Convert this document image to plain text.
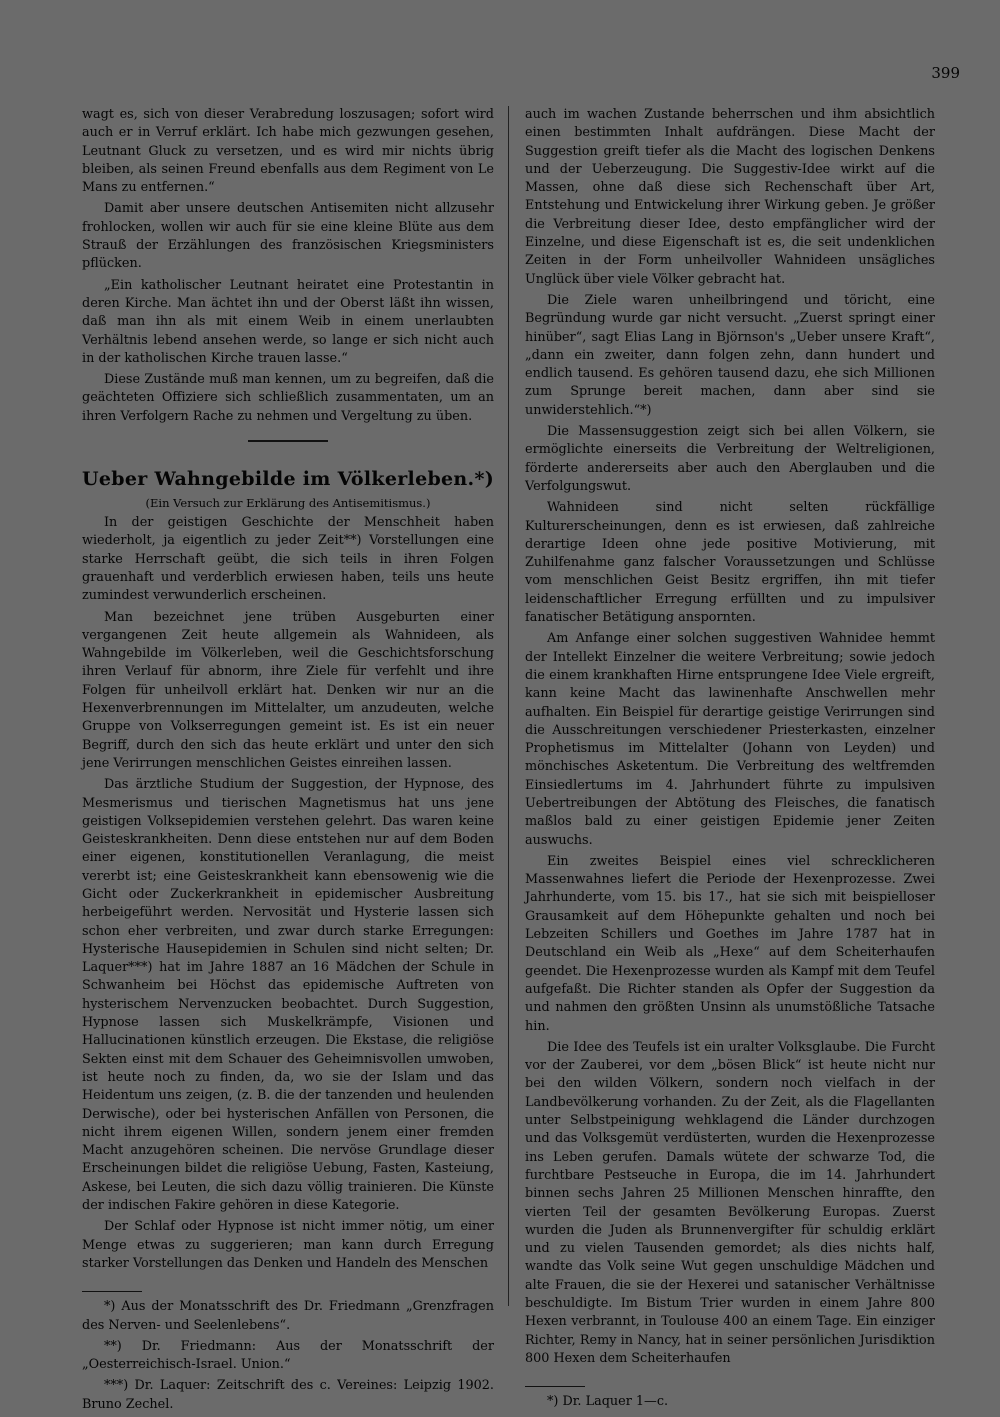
399

wagt es, sich von dieser Verabredung loszusagen; sofort wird auch er in Verruf erklärt. Ich habe mich gezwungen gesehen, Leutnant Gluck zu versetzen, und es wird mir nichts übrig bleiben, als seinen Freund ebenfalls aus dem Regiment von Le Mans zu entfernen.“

Damit aber unsere deutschen Antisemiten nicht allzusehr frohlocken, wollen wir auch für sie eine kleine Blüte aus dem Strauß der Erzählungen des französischen Kriegsministers pflücken.

„Ein katholischer Leutnant heiratet eine Protestantin in deren Kirche. Man ächtet ihn und der Oberst läßt ihn wissen, daß man ihn als mit einem Weib in einem unerlaubten Verhältnis lebend ansehen werde, so lange er sich nicht auch in der katholischen Kirche trauen lasse.“

Diese Zustände muß man kennen, um zu begreifen, daß die geächteten Offiziere sich schließlich zusammentaten, um an ihren Verfolgern Rache zu nehmen und Vergeltung zu üben.

Ueber Wahngebilde im Völkerleben.*)
(Ein Versuch zur Erklärung des Antisemitismus.)

In der geistigen Geschichte der Menschheit haben wiederholt, ja eigentlich zu jeder Zeit**) Vorstellungen eine starke Herrschaft geübt, die sich teils in ihren Folgen grauenhaft und verderblich erwiesen haben, teils uns heute zumindest verwunderlich erscheinen.

Man bezeichnet jene trüben Ausgeburten einer vergangenen Zeit heute allgemein als Wahnideen, als Wahngebilde im Völkerleben, weil die Geschichtsforschung ihren Verlauf für abnorm, ihre Ziele für verfehlt und ihre Folgen für unheilvoll erklärt hat. Denken wir nur an die Hexenverbrennungen im Mittelalter, um anzudeuten, welche Gruppe von Volkserregungen gemeint ist. Es ist ein neuer Begriff, durch den sich das heute erklärt und unter den sich jene Verirrungen menschlichen Geistes einreihen lassen.

Das ärztliche Studium der Suggestion, der Hypnose, des Mesmerismus und tierischen Magnetismus hat uns jene geistigen Volksepidemien verstehen gelehrt. Das waren keine Geisteskrankheiten. Denn diese entstehen nur auf dem Boden einer eigenen, konstitutionellen Veranlagung, die meist vererbt ist; eine Geisteskrankheit kann ebensowenig wie die Gicht oder Zuckerkrankheit in epidemischer Ausbreitung herbeigeführt werden. Nervosität und Hysterie lassen sich schon eher verbreiten, und zwar durch starke Erregungen: Hysterische Hausepidemien in Schulen sind nicht selten; Dr. Laquer***) hat im Jahre 1887 an 16 Mädchen der Schule in Schwanheim bei Höchst das epidemische Auftreten von hysterischem Nervenzucken beobachtet. Durch Suggestion, Hypnose lassen sich Muskelkrämpfe, Visionen und Hallucinationen künstlich erzeugen. Die Ekstase, die religiöse Sekten einst mit dem Schauer des Geheimnisvollen umwoben, ist heute noch zu finden, da, wo sie der Islam und das Heidentum uns zeigen, (z. B. die der tanzenden und heulenden Derwische), oder bei hysterischen Anfällen von Personen, die nicht ihrem eigenen Willen, sondern jenem einer fremden Macht anzugehören scheinen. Die nervöse Grundlage dieser Erscheinungen bildet die religiöse Uebung, Fasten, Kasteiung, Askese, bei Leuten, die sich dazu völlig trainieren. Die Künste der indischen Fakire gehören in diese Kategorie.

Der Schlaf oder Hypnose ist nicht immer nötig, um einer Menge etwas zu suggerieren; man kann durch Erregung starker Vorstellungen das Denken und Handeln des Menschen

*) Aus der Monatsschrift des Dr. Friedmann „Grenzfragen des Nerven- und Seelenlebens“.

**) Dr. Friedmann: Aus der Monatsschrift der „Oesterreichisch-Israel. Union.“

***) Dr. Laquer: Zeitschrift des c. Vereines: Leipzig 1902. Bruno Zechel.

auch im wachen Zustande beherrschen und ihm absichtlich einen bestimmten Inhalt aufdrängen. Diese Macht der Suggestion greift tiefer als die Macht des logischen Denkens und der Ueberzeugung. Die Suggestiv-Idee wirkt auf die Massen, ohne daß diese sich Rechenschaft über Art, Entstehung und Entwickelung ihrer Wirkung geben. Je größer die Verbreitung dieser Idee, desto empfänglicher wird der Einzelne, und diese Eigenschaft ist es, die seit undenklichen Zeiten in der Form unheilvoller Wahnideen unsägliches Unglück über viele Völker gebracht hat.

Die Ziele waren unheilbringend und töricht, eine Begründung wurde gar nicht versucht. „Zuerst springt einer hinüber“, sagt Elias Lang in Björnson's „Ueber unsere Kraft“, „dann ein zweiter, dann folgen zehn, dann hundert und endlich tausend. Es gehören tausend dazu, ehe sich Millionen zum Sprunge bereit machen, dann aber sind sie unwiderstehlich.“*)

Die Massensuggestion zeigt sich bei allen Völkern, sie ermöglichte einerseits die Verbreitung der Weltreligionen, förderte andererseits aber auch den Aberglauben und die Verfolgungswut.

Wahnideen sind nicht selten rückfällige Kulturerscheinungen, denn es ist erwiesen, daß zahlreiche derartige Ideen ohne jede positive Motivierung, mit Zuhilfenahme ganz falscher Voraussetzungen und Schlüsse vom menschlichen Geist Besitz ergriffen, ihn mit tiefer leidenschaftlicher Erregung erfüllten und zu impulsiver fanatischer Betätigung anspornten.

Am Anfange einer solchen suggestiven Wahnidee hemmt der Intellekt Einzelner die weitere Verbreitung; sowie jedoch die einem krankhaften Hirne entsprungene Idee Viele ergreift, kann keine Macht das lawinenhafte Anschwellen mehr aufhalten. Ein Beispiel für derartige geistige Verirrungen sind die Ausschreitungen verschiedener Priesterkasten, einzelner Prophetismus im Mittelalter (Johann von Leyden) und mönchisches Asketentum. Die Verbreitung des weltfremden Einsiedlertums im 4. Jahrhundert führte zu impulsiven Uebertreibungen der Abtötung des Fleisches, die fanatisch maßlos bald zu einer geistigen Epidemie jener Zeiten auswuchs.

Ein zweites Beispiel eines viel schrecklicheren Massenwahnes liefert die Periode der Hexenprozesse. Zwei Jahrhunderte, vom 15. bis 17., hat sie sich mit beispielloser Grausamkeit auf dem Höhepunkte gehalten und noch bei Lebzeiten Schillers und Goethes im Jahre 1787 hat in Deutschland ein Weib als „Hexe“ auf dem Scheiterhaufen geendet. Die Hexenprozesse wurden als Kampf mit dem Teufel aufgefaßt. Die Richter standen als Opfer der Suggestion da und nahmen den größten Unsinn als unumstößliche Tatsache hin.

Die Idee des Teufels ist ein uralter Volksglaube. Die Furcht vor der Zauberei, vor dem „bösen Blick“ ist heute nicht nur bei den wilden Völkern, sondern noch vielfach in der Landbevölkerung vorhanden. Zu der Zeit, als die Flagellanten unter Selbstpeinigung wehklagend die Länder durchzogen und das Volksgemüt verdüsterten, wurden die Hexenprozesse ins Leben gerufen. Damals wütete der schwarze Tod, die furchtbare Pestseuche in Europa, die im 14. Jahrhundert binnen sechs Jahren 25 Millionen Menschen hinraffte, den vierten Teil der gesamten Bevölkerung Europas. Zuerst wurden die Juden als Brunnenvergifter für schuldig erklärt und zu vielen Tausenden gemordet; als dies nichts half, wandte das Volk seine Wut gegen unschuldige Mädchen und alte Frauen, die sie der Hexerei und satanischer Verhältnisse beschuldigte. Im Bistum Trier wurden in einem Jahre 800 Hexen verbrannt, in Toulouse 400 an einem Tage. Ein einziger Richter, Remy in Nancy, hat in seiner persönlichen Jurisdiktion 800 Hexen dem Scheiterhaufen

*) Dr. Laquer 1—c.
